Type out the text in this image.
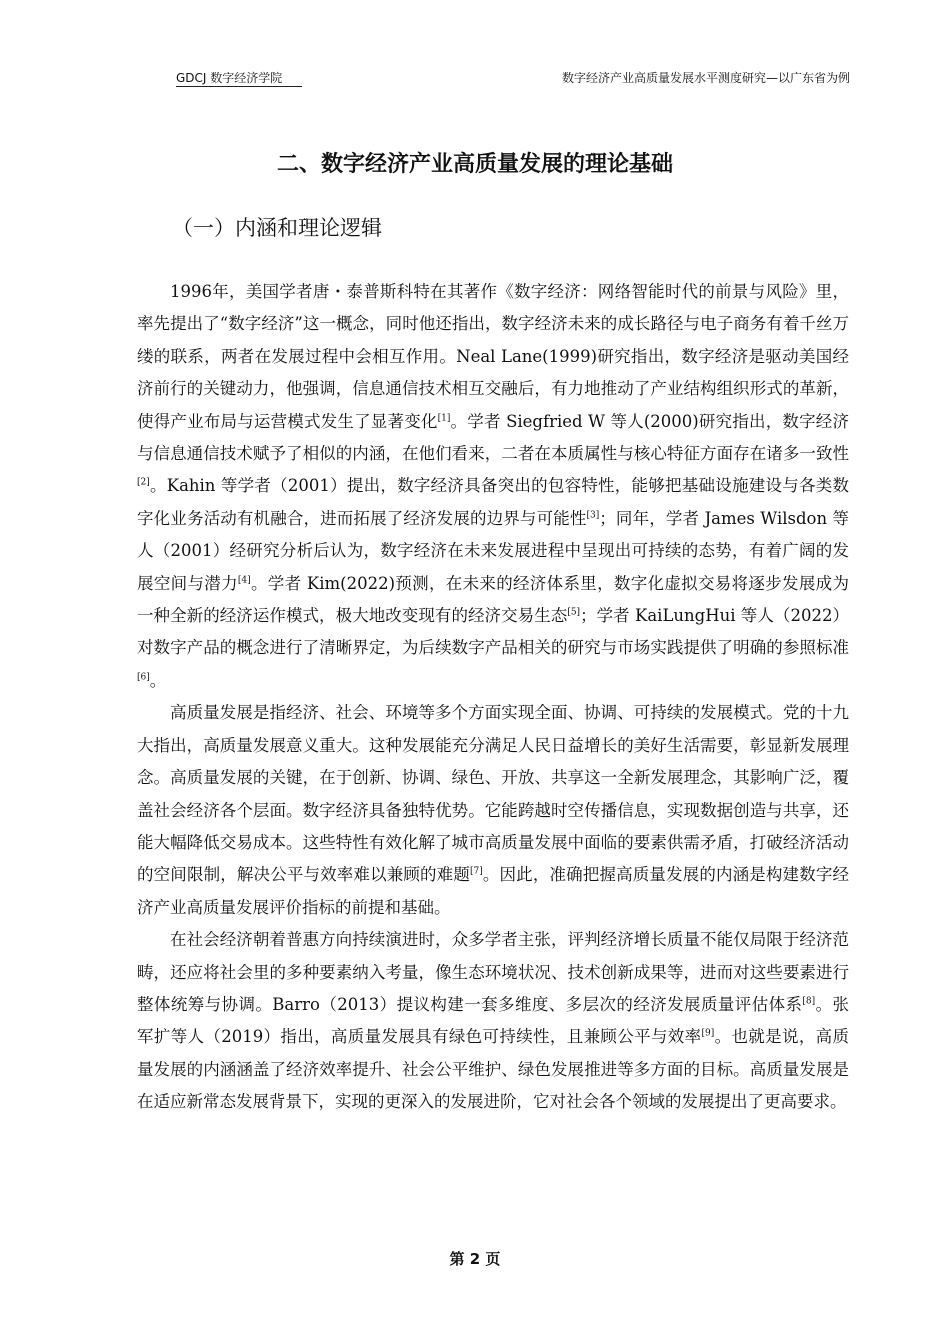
GDCJ 数字经济学院	数字经济产业高质量发展水平测度研究—以广东省为例
二、数字经济产业高质量发展的理论基础
（一）内涵和理论逻辑

1996年，美国学者唐・泰普斯科特在其著作《数字经济：网络智能时代的前景与风险》里，率先提出了“数字经济”这一概念，同时他还指出，数字经济未来的成长路径与电子商务有着千丝万缕的联系，两者在发展过程中会相互作用。Neal Lane(1999)研究指出，数字经济是驱动美国经济前行的关键动力，他强调，信息通信技术相互交融后，有力地推动了产业结构组织形式的革新，使得产业布局与运营模式发生了显著变化[1]。学者 Siegfried W 等人(2000)研究指出，数字经济与信息通信技术赋予了相似的内涵，在他们看来，二者在本质属性与核心特征方面存在诸多一致性[2]。Kahin 等学者（2001）提出，数字经济具备突出的包容特性，能够把基础设施建设与各类数字化业务活动有机融合，进而拓展了经济发展的边界与可能性[3]；同年，学者 James Wilsdon 等人（2001）经研究分析后认为，数字经济在未来发展进程中呈现出可持续的态势，有着广阔的发展空间与潜力[4]。学者 Kim(2022)预测，在未来的经济体系里，数字化虚拟交易将逐步发展成为一种全新的经济运作模式，极大地改变现有的经济交易生态[5]；学者 KaiLungHui 等人（2022）对数字产品的概念进行了清晰界定，为后续数字产品相关的研究与市场实践提供了明确的参照标准[6]。

高质量发展是指经济、社会、环境等多个方面实现全面、协调、可持续的发展模式。党的十九大指出，高质量发展意义重大。这种发展能充分满足人民日益增长的美好生活需要，彰显新发展理念。高质量发展的关键，在于创新、协调、绿色、开放、共享这一全新发展理念，其影响广泛，覆盖社会经济各个层面。数字经济具备独特优势。它能跨越时空传播信息，实现数据创造与共享，还能大幅降低交易成本。这些特性有效化解了城市高质量发展中面临的要素供需矛盾，打破经济活动的空间限制，解决公平与效率难以兼顾的难题[7]。因此，准确把握高质量发展的内涵是构建数字经济产业高质量发展评价指标的前提和基础。

在社会经济朝着普惠方向持续演进时，众多学者主张，评判经济增长质量不能仅局限于经济范畴，还应将社会里的多种要素纳入考量，像生态环境状况、技术创新成果等，进而对这些要素进行整体统筹与协调。Barro（2013）提议构建一套多维度、多层次的经济发展质量评估体系[8]。张军扩等人（2019）指出，高质量发展具有绿色可持续性，且兼顾公平与效率[9]。也就是说，高质量发展的内涵涵盖了经济效率提升、社会公平维护、绿色发展推进等多方面的目标。高质量发展是在适应新常态发展背景下，实现的更深入的发展进阶，它对社会各个领域的发展提出了更高要求。

第 2 页
